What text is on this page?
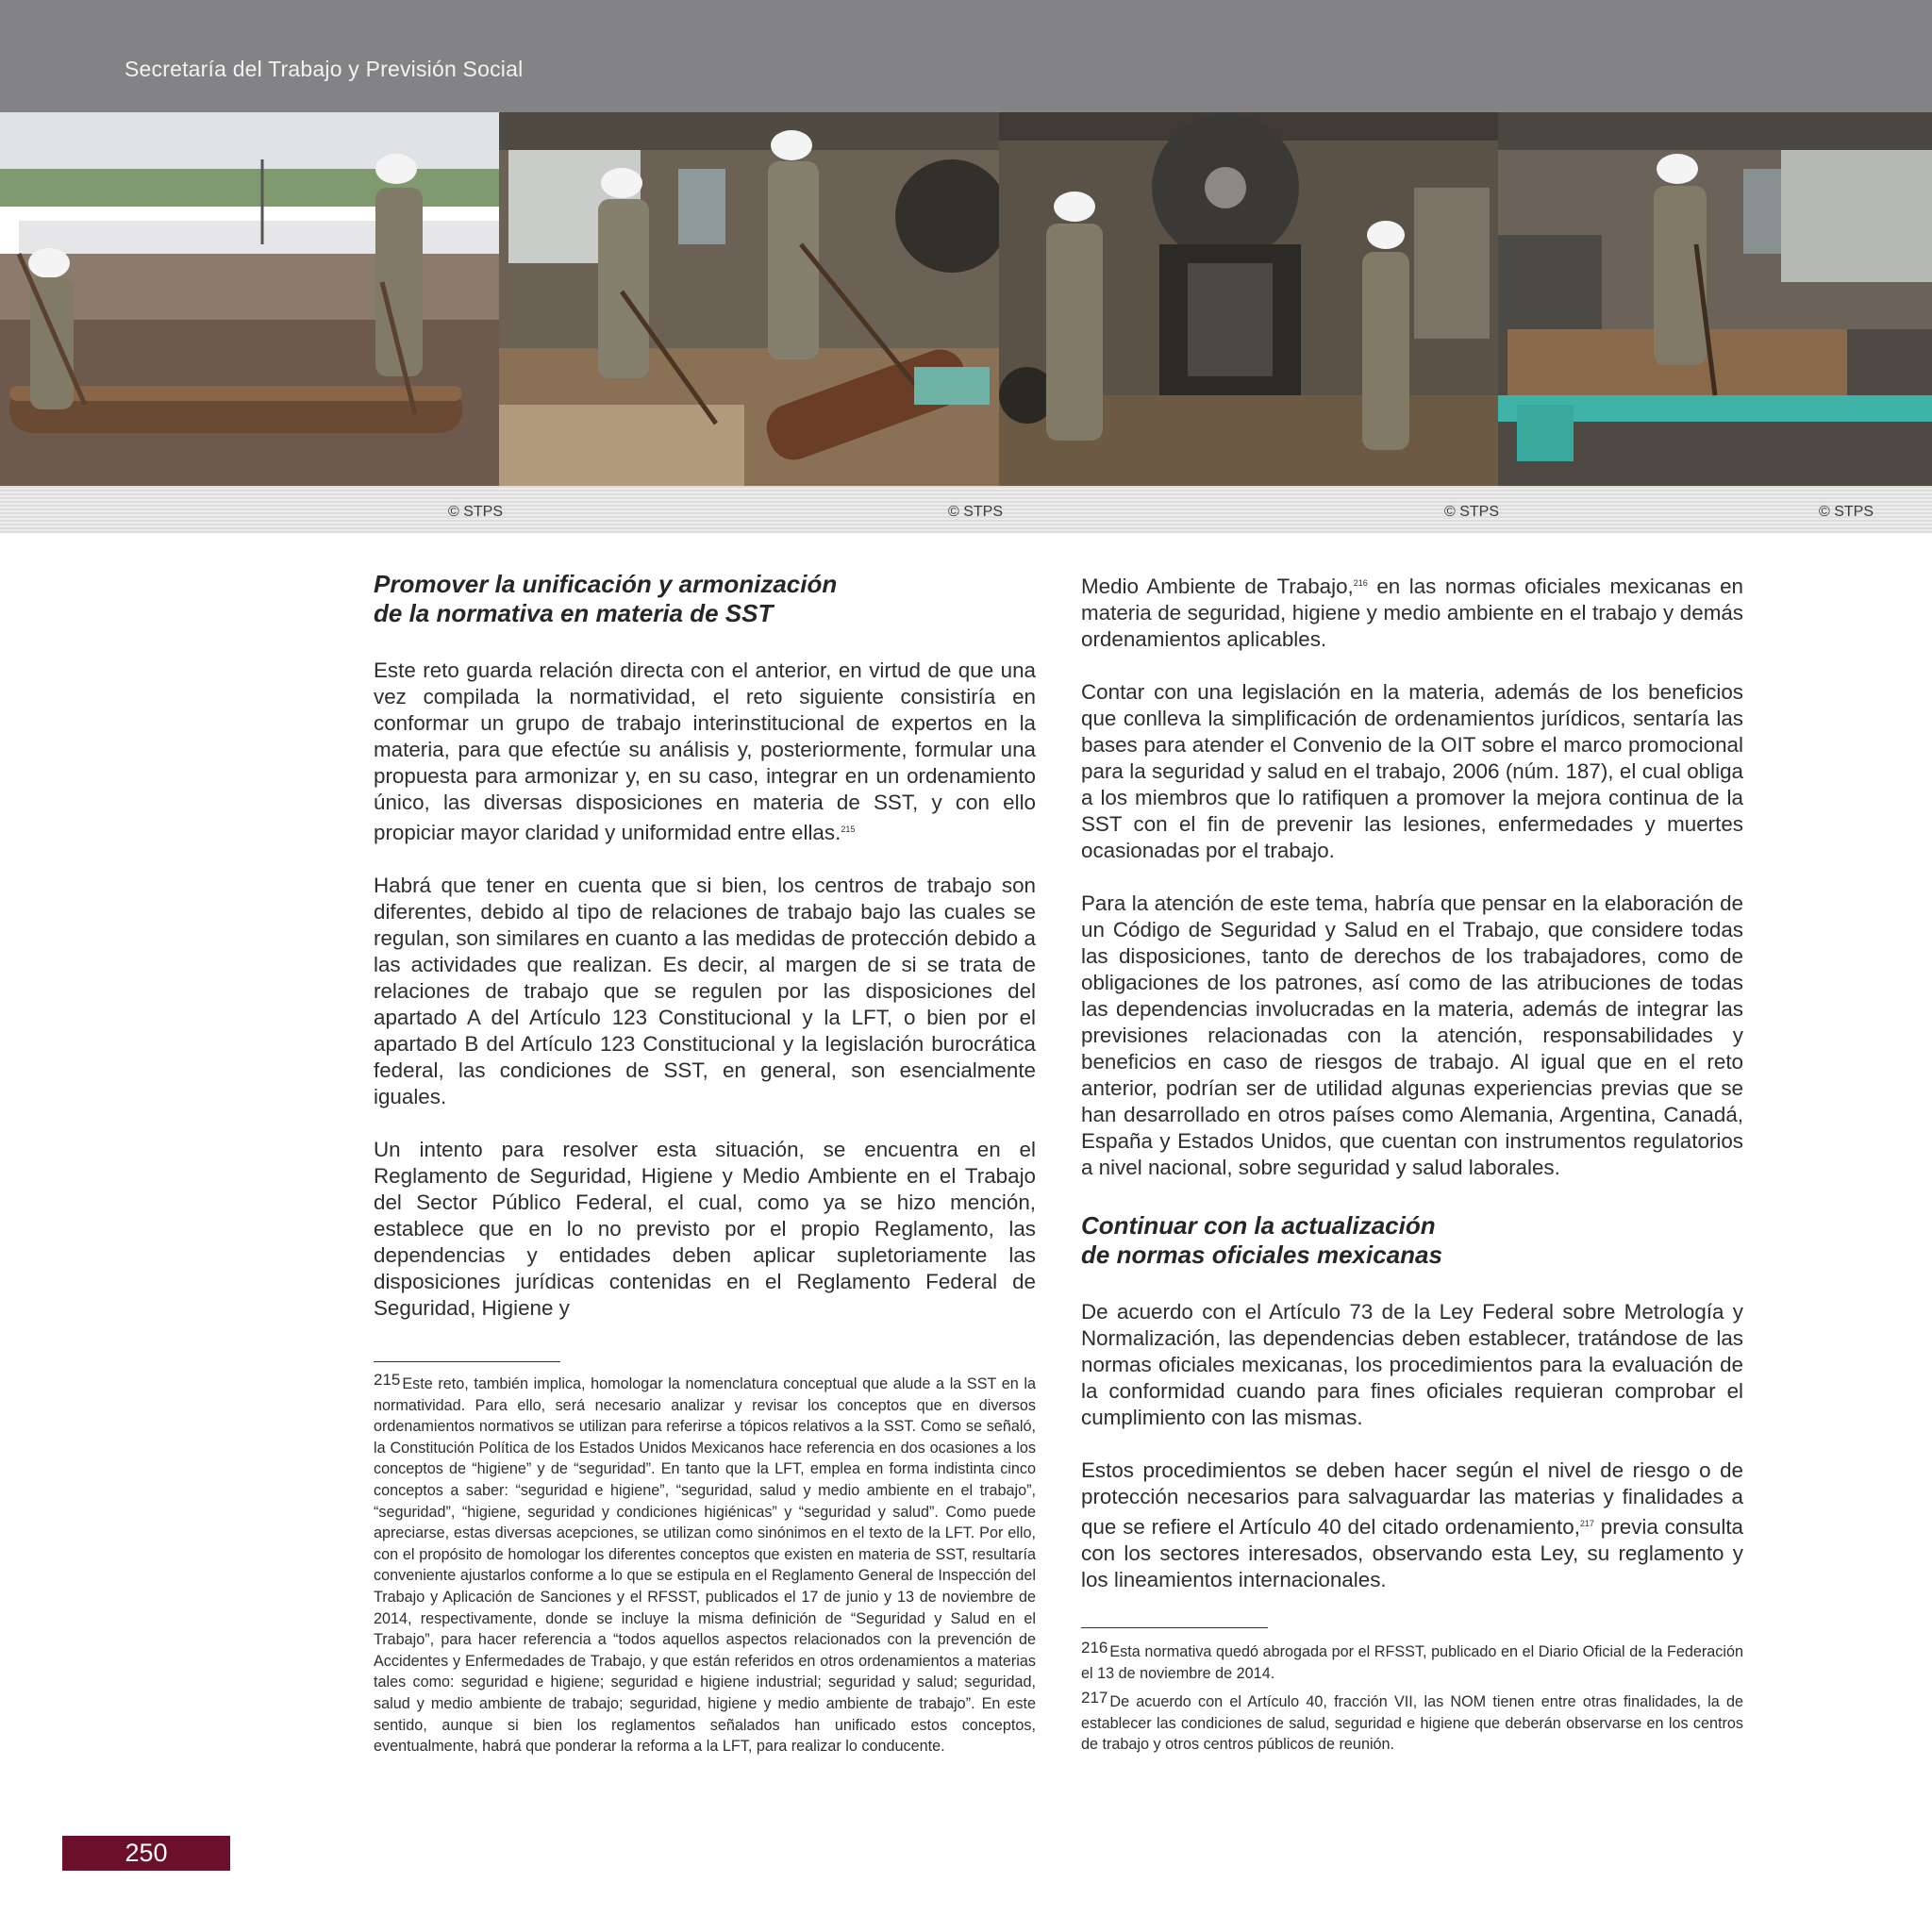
Secretaría del Trabajo y Previsión Social
© STPS	© STPS	© STPS	© STPS
Promover la unificación y armonización
de la normativa en materia de SST

Este reto guarda relación directa con el anterior, en virtud de que una vez compilada la normatividad, el reto siguiente consistiría en conformar un grupo de trabajo interinstitucional de expertos en la materia, para que efectúe su análisis y, posteriormente, formular una propuesta para armonizar y, en su caso, integrar en un ordenamiento único, las diversas disposiciones en materia de SST, y con ello propiciar mayor claridad y uniformidad entre ellas.$^{215}$

Habrá que tener en cuenta que si bien, los centros de trabajo son diferentes, debido al tipo de relaciones de trabajo bajo las cuales se regulan, son similares en cuanto a las medidas de protección debido a las actividades que realizan. Es decir, al margen de si se trata de relaciones de trabajo que se regulen por las disposiciones del apartado A del Artículo 123 Constitucional y la LFT, o bien por el apartado B del Artículo 123 Constitucional y la legislación burocrática federal, las condiciones de SST, en general, son esencialmente iguales.

Un intento para resolver esta situación, se encuentra en el Reglamento de Seguridad, Higiene y Medio Ambiente en el Trabajo del Sector Público Federal, el cual, como ya se hizo mención, establece que en lo no previsto por el propio Reglamento, las dependencias y entidades deben aplicar supletoriamente las disposiciones jurídicas contenidas en el Reglamento Federal de Seguridad, Higiene y

215 Este reto, también implica, homologar la nomenclatura conceptual que alude a la SST en la normatividad. Para ello, será necesario analizar y revisar los conceptos que en diversos ordenamientos normativos se utilizan para referirse a tópicos relativos a la SST. Como se señaló, la Constitución Política de los Estados Unidos Mexicanos hace referencia en dos ocasiones a los conceptos de “higiene” y de “seguridad”. En tanto que la LFT, emplea en forma indistinta cinco conceptos a saber: “seguridad e higiene”, “seguridad, salud y medio ambiente en el trabajo”, “seguridad”, “higiene, seguridad y condiciones higiénicas” y “seguridad y salud”. Como puede apreciarse, estas diversas acepciones, se utilizan como sinónimos en el texto de la LFT. Por ello, con el propósito de homologar los diferentes conceptos que existen en materia de SST, resultaría conveniente ajustarlos conforme a lo que se estipula en el Reglamento General de Inspección del Trabajo y Aplicación de Sanciones y el RFSST, publicados el 17 de junio y 13 de noviembre de 2014, respectivamente, donde se incluye la misma definición de “Seguridad y Salud en el Trabajo”, para hacer referencia a “todos aquellos aspectos relacionados con la prevención de Accidentes y Enfermedades de Trabajo, y que están referidos en otros ordenamientos a materias tales como: seguridad e higiene; seguridad e higiene industrial; seguridad y salud; seguridad, salud y medio ambiente de trabajo; seguridad, higiene y medio ambiente de trabajo”. En este sentido, aunque si bien los reglamentos señalados han unificado estos conceptos, eventualmente, habrá que ponderar la reforma a la LFT, para realizar lo conducente.

Medio Ambiente de Trabajo,$^{216}$ en las normas oficiales mexicanas en materia de seguridad, higiene y medio ambiente en el trabajo y demás ordenamientos aplicables.

Contar con una legislación en la materia, además de los beneficios que conlleva la simplificación de ordenamientos jurídicos, sentaría las bases para atender el Convenio de la OIT sobre el marco promocional para la seguridad y salud en el trabajo, 2006 (núm. 187), el cual obliga a los miembros que lo ratifiquen a promover la mejora continua de la SST con el fin de prevenir las lesiones, enfermedades y muertes ocasionadas por el trabajo.

Para la atención de este tema, habría que pensar en la elaboración de un Código de Seguridad y Salud en el Trabajo, que considere todas las disposiciones, tanto de derechos de los trabajadores, como de obligaciones de los patrones, así como de las atribuciones de todas las dependencias involucradas en la materia, además de integrar las previsiones relacionadas con la atención, responsabilidades y beneficios en caso de riesgos de trabajo. Al igual que en el reto anterior, podrían ser de utilidad algunas experiencias previas que se han desarrollado en otros países como Alemania, Argentina, Canadá, España y Estados Unidos, que cuentan con instrumentos regulatorios a nivel nacional, sobre seguridad y salud laborales.

Continuar con la actualización
de normas oficiales mexicanas

De acuerdo con el Artículo 73 de la Ley Federal sobre Metrología y Normalización, las dependencias deben establecer, tratándose de las normas oficiales mexicanas, los procedimientos para la evaluación de la conformidad cuando para fines oficiales requieran comprobar el cumplimiento con las mismas.

Estos procedimientos se deben hacer según el nivel de riesgo o de protección necesarios para salvaguardar las materias y finalidades a que se refiere el Artículo 40 del citado ordenamiento,$^{217}$ previa consulta con los sectores interesados, observando esta Ley, su reglamento y los lineamientos internacionales.

216 Esta normativa quedó abrogada por el RFSST, publicado en el Diario Oficial de la Federación el 13 de noviembre de 2014.

217 De acuerdo con el Artículo 40, fracción VII, las NOM tienen entre otras finalidades, la de establecer las condiciones de salud, seguridad e higiene que deberán observarse en los centros de trabajo y otros centros públicos de reunión.

250
